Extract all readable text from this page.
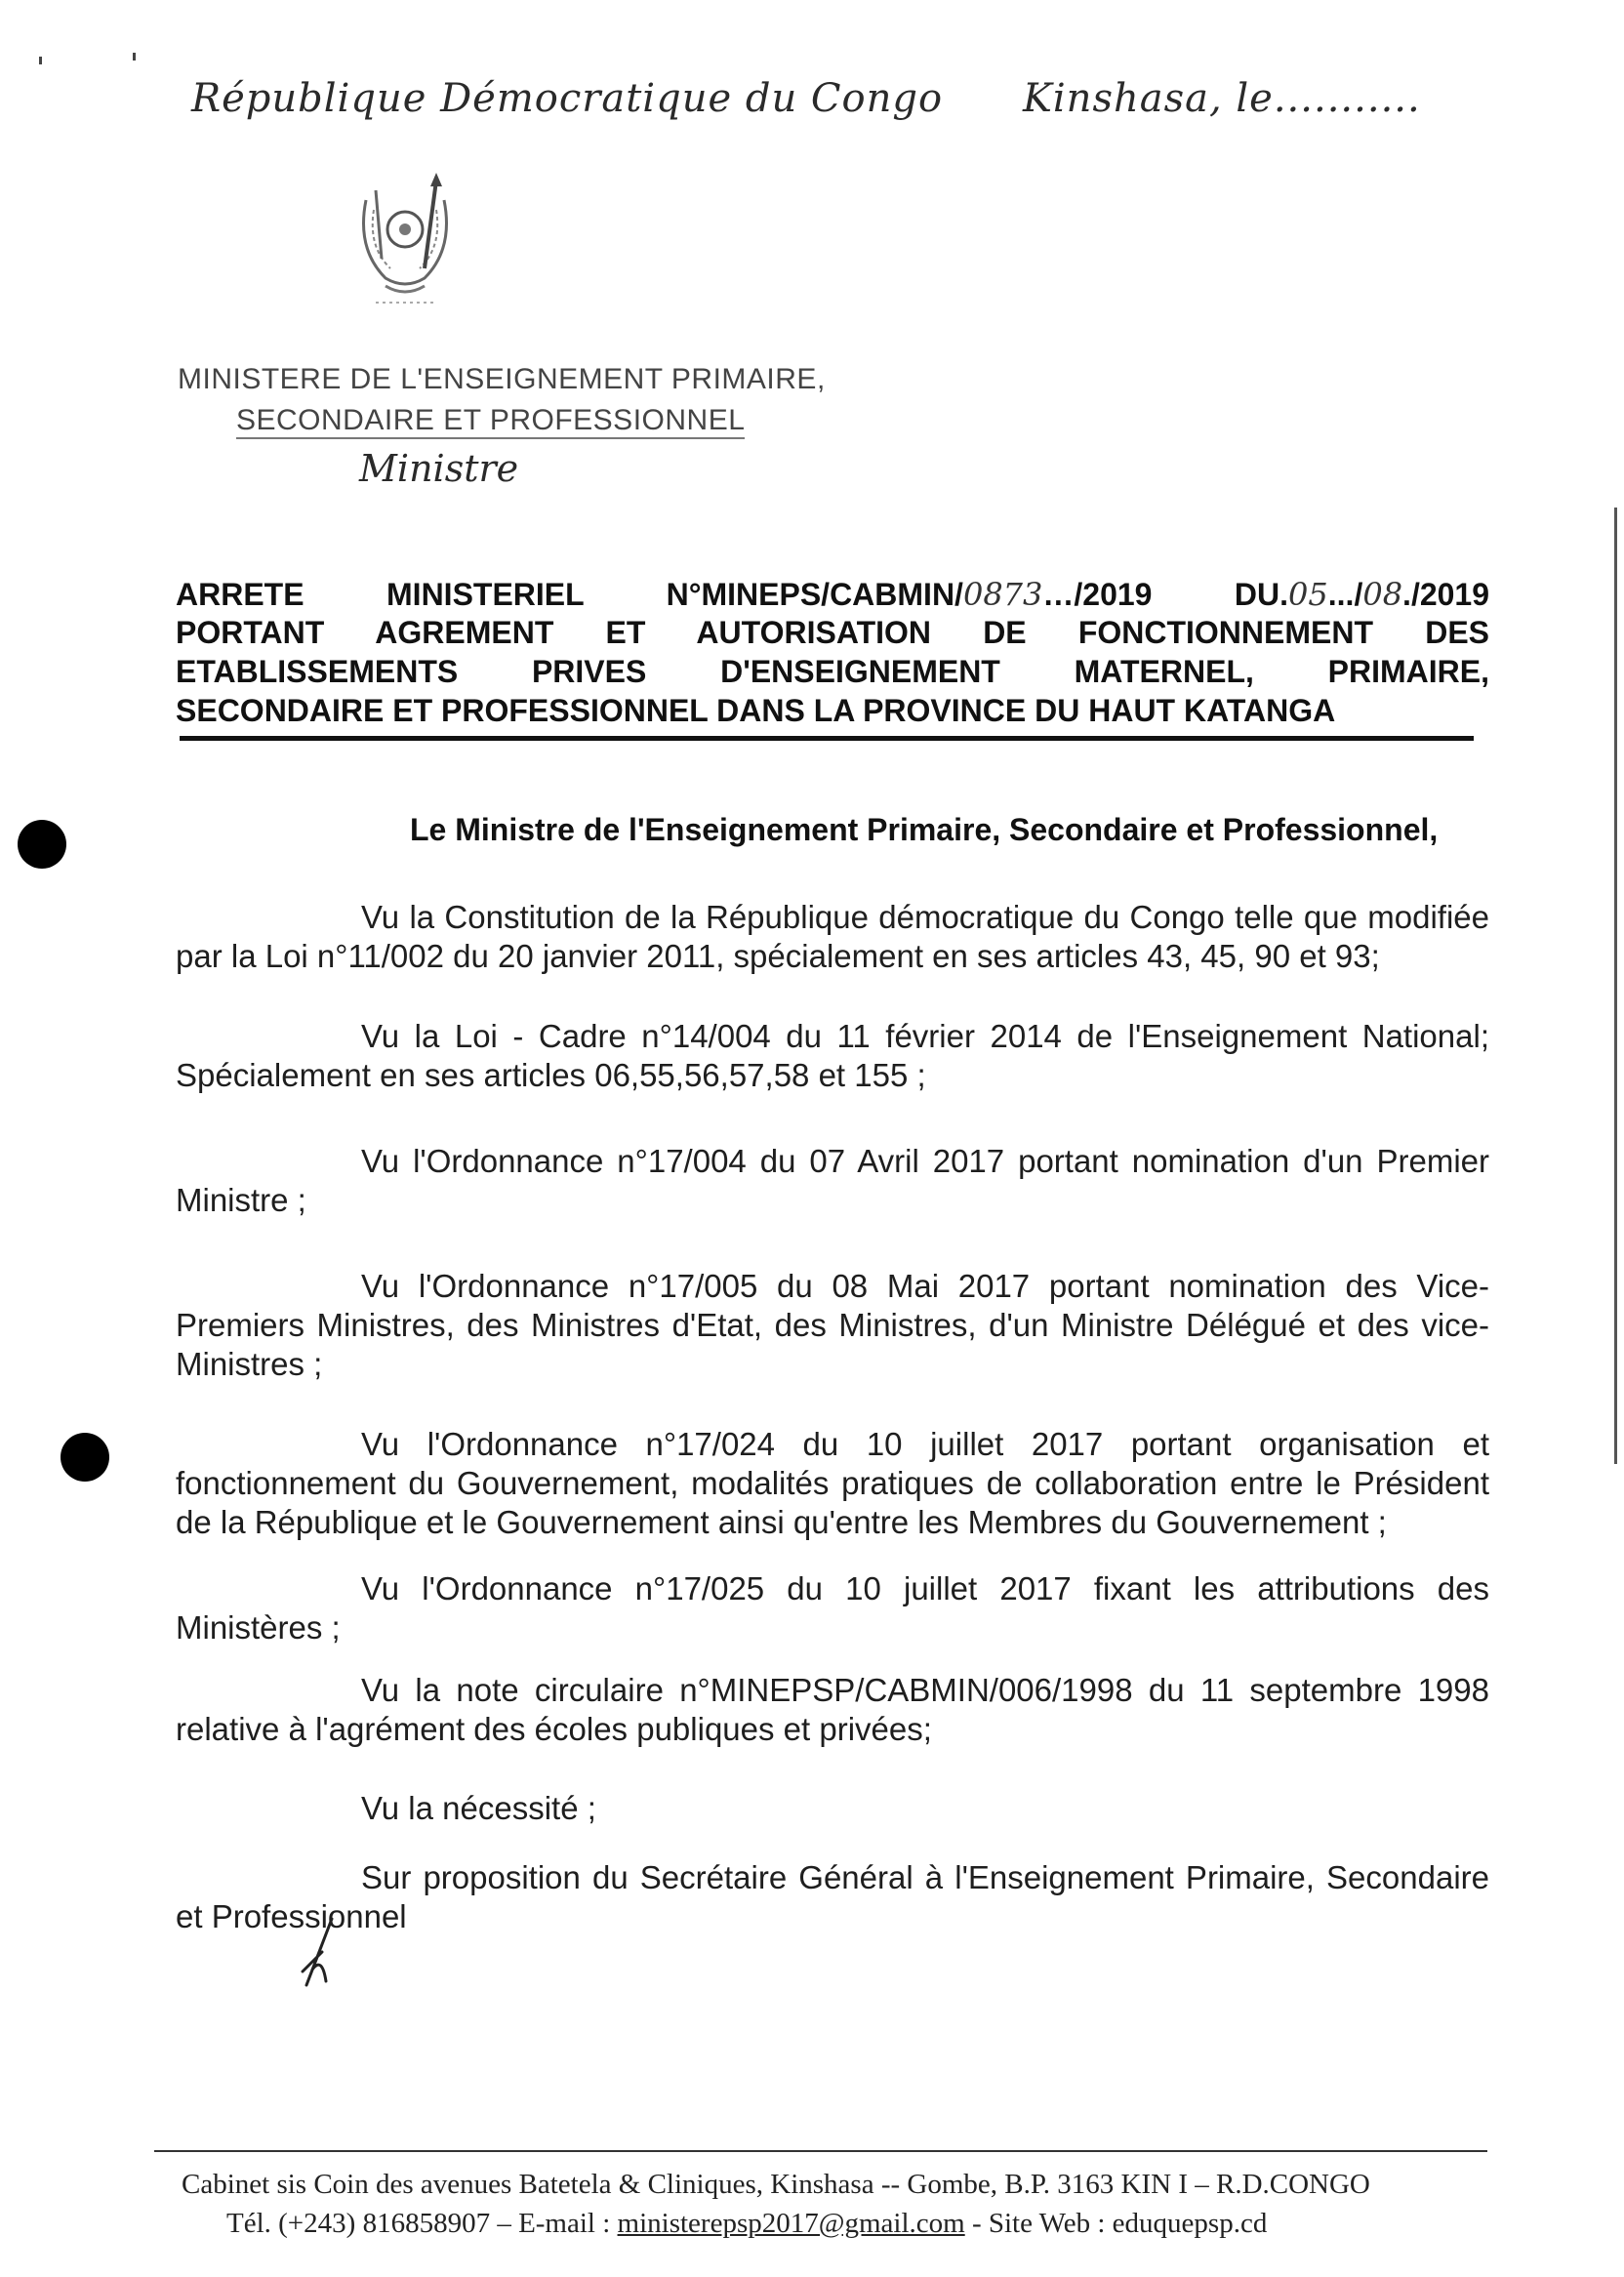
République Démocratique du Congo Kinshasa, le...........
MINISTERE DE L'ENSEIGNEMENT PRIMAIRE,
SECONDAIRE ET PROFESSIONNEL
Ministre
ARRETE MINISTERIEL N°MINEPS/CABMIN/0873…/2019 DU.05.../08./2019
PORTANT AGREMENT ET AUTORISATION DE FONCTIONNEMENT DES
ETABLISSEMENTS PRIVES D'ENSEIGNEMENT MATERNEL, PRIMAIRE,
SECONDAIRE ET PROFESSIONNEL DANS LA PROVINCE DU HAUT KATANGA
Le Ministre de l'Enseignement Primaire, Secondaire et Professionnel,
Vu la Constitution de la République démocratique du Congo telle que modifiée par la Loi n°11/002 du 20 janvier 2011, spécialement en ses articles 43, 45, 90 et 93;
Vu la Loi - Cadre n°14/004 du 11 février 2014 de l'Enseignement National; Spécialement en ses articles 06,55,56,57,58 et 155 ;
Vu l'Ordonnance n°17/004 du 07 Avril 2017 portant nomination d'un Premier Ministre ;
Vu l'Ordonnance n°17/005 du 08 Mai 2017 portant nomination des Vice-Premiers Ministres, des Ministres d'Etat, des Ministres, d'un Ministre Délégué et des vice-Ministres ;
Vu l'Ordonnance n°17/024 du 10 juillet 2017 portant organisation et fonctionnement du Gouvernement, modalités pratiques de collaboration entre le Président de la République et le Gouvernement ainsi qu'entre les Membres du Gouvernement ;
Vu l'Ordonnance n°17/025 du 10 juillet 2017 fixant les attributions des Ministères ;
Vu la note circulaire n°MINEPSP/CABMIN/006/1998 du 11 septembre 1998 relative à l'agrément des écoles publiques et privées;
Vu la nécessité ;
Sur proposition du Secrétaire Général à l'Enseignement Primaire, Secondaire et Professionnel
Cabinet sis Coin des avenues Batetela & Cliniques, Kinshasa -- Gombe, B.P. 3163 KIN I – R.D.CONGO
Tél. (+243) 816858907 – E-mail : ministerepsp2017@gmail.com - Site Web : eduquepsp.cd
